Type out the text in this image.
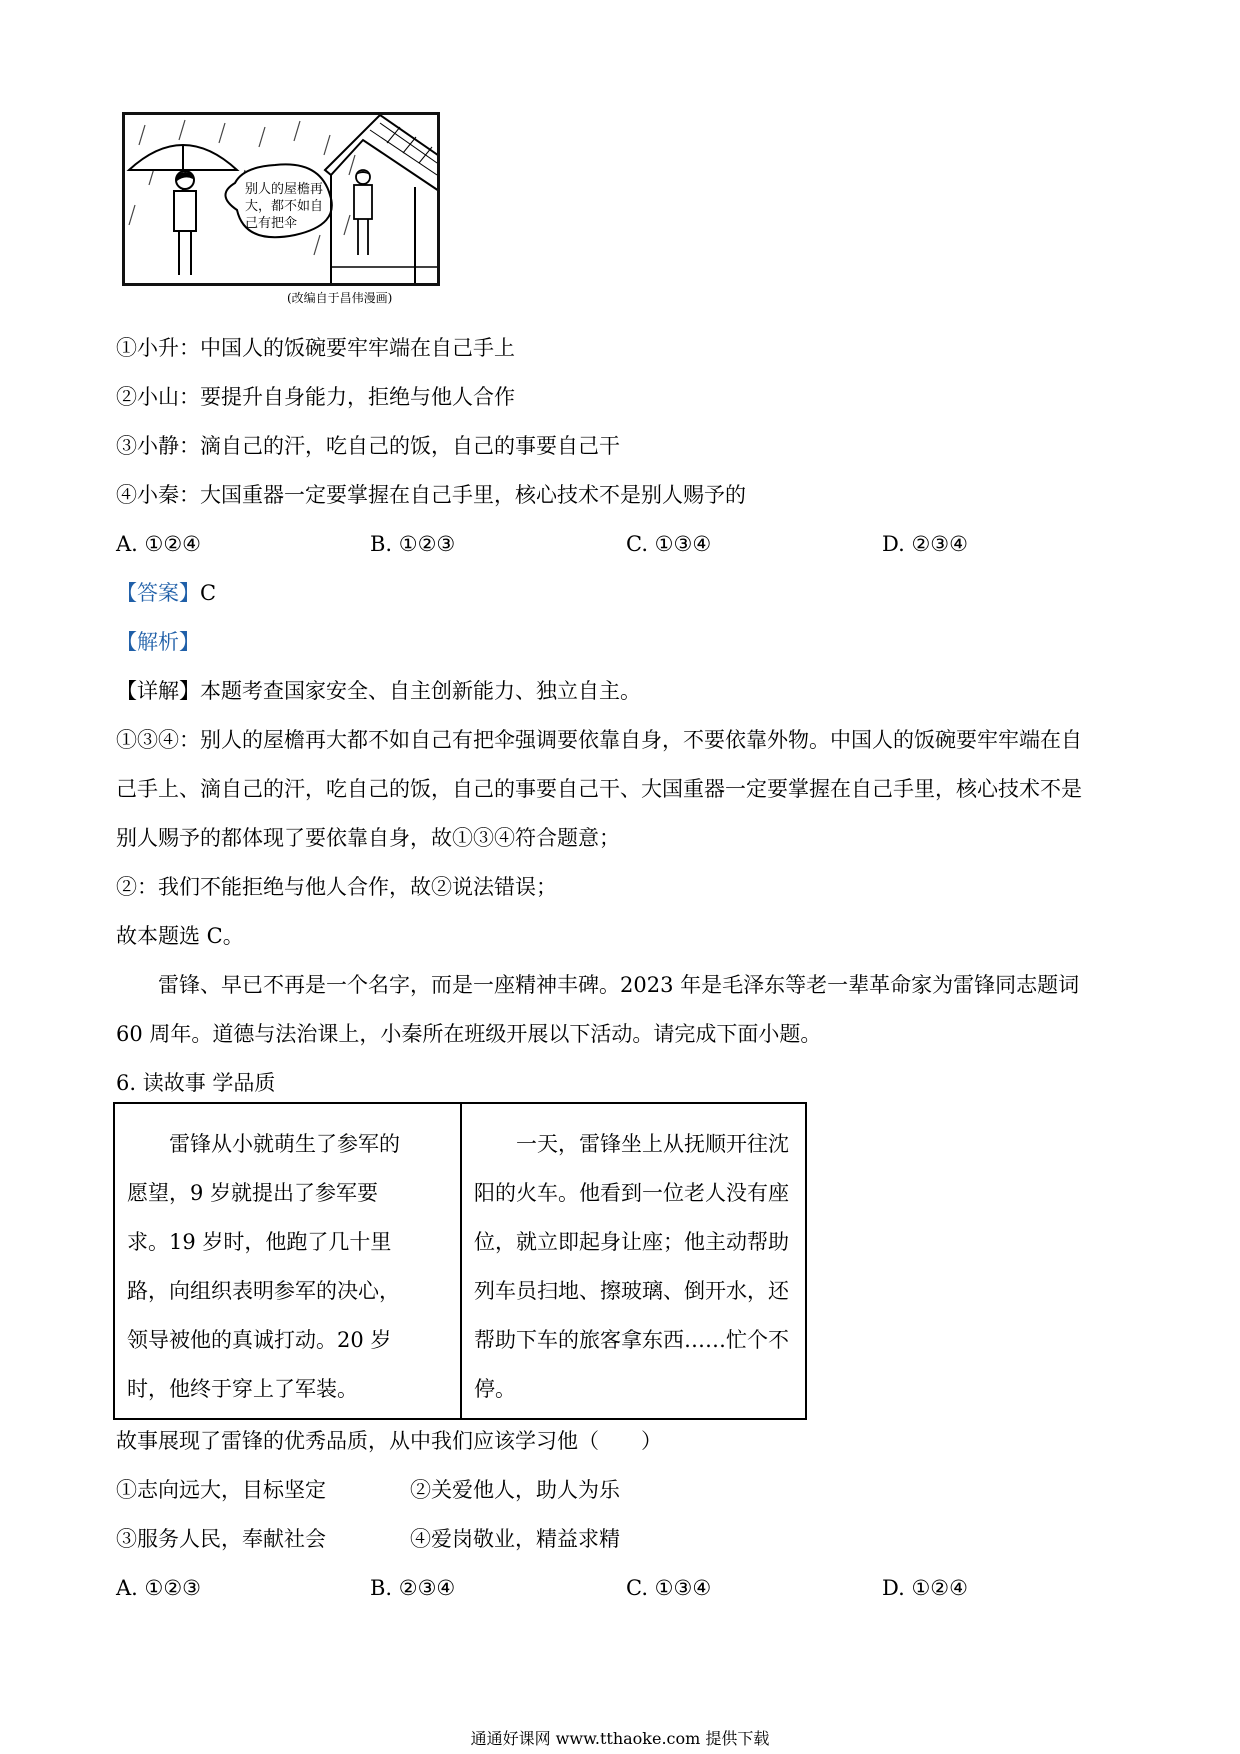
别人的屋檐再
大，都不如自
己有把伞
(改编自于昌伟漫画)
①小升：中国人的饭碗要牢牢端在自己手上
②小山：要提升自身能力，拒绝与他人合作
③小静：滴自己的汗，吃自己的饭，自己的事要自己干
④小秦：大国重器一定要掌握在自己手里，核心技术不是别人赐予的
A. ①②④	B. ①②③	C. ①③④	D. ②③④
【答案】C
【解析】
【详解】本题考查国家安全、自主创新能力、独立自主。
①③④：别人的屋檐再大都不如自己有把伞强调要依靠自身，不要依靠外物。中国人的饭碗要牢牢端在自
己手上、滴自己的汗，吃自己的饭，自己的事要自己干、大国重器一定要掌握在自己手里，核心技术不是
别人赐予的都体现了要依靠自身，故①③④符合题意；
②：我们不能拒绝与他人合作，故②说法错误；
故本题选 C。
雷锋、早已不再是一个名字，而是一座精神丰碑。2023 年是毛泽东等老一辈革命家为雷锋同志题词
60 周年。道德与法治课上，小秦所在班级开展以下活动。请完成下面小题。
6. 读故事 学品质
雷锋从小就萌生了参军的
愿望，9 岁就提出了参军要
求。19 岁时，他跑了几十里
路，向组织表明参军的决心，
领导被他的真诚打动。20 岁
时，他终于穿上了军装。
一天，雷锋坐上从抚顺开往沈
阳的火车。他看到一位老人没有座
位，就立即起身让座；他主动帮助
列车员扫地、擦玻璃、倒开水，还
帮助下车的旅客拿东西……忙个不
停。
故事展现了雷锋的优秀品质，从中我们应该学习他（　　）
①志向远大，目标坚定	②关爱他人，助人为乐
③服务人民，奉献社会	④爱岗敬业，精益求精
A. ①②③	B. ②③④	C. ①③④	D. ①②④
通通好课网 www.tthaoke.com 提供下载
